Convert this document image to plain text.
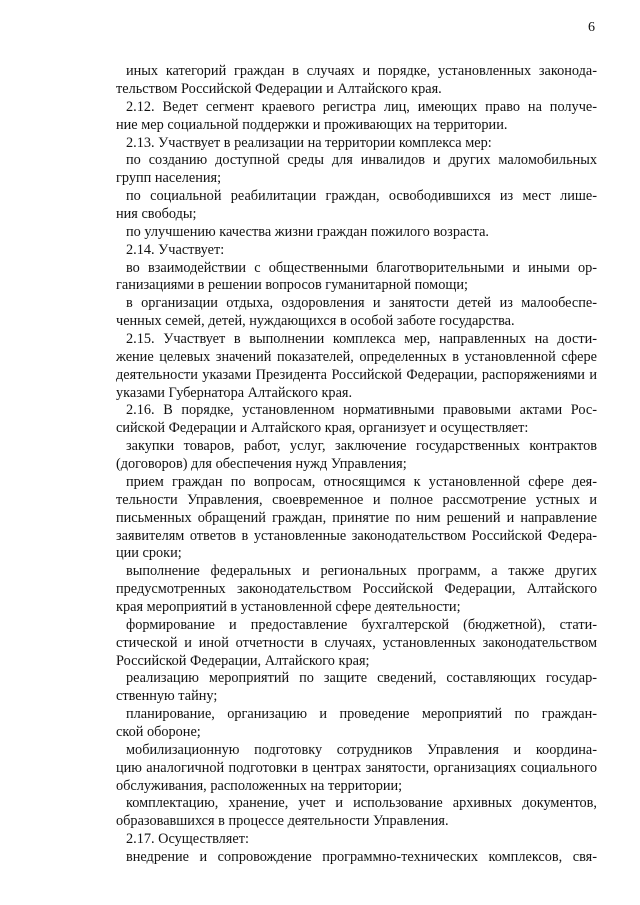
6
иных категорий граждан в случаях и порядке, установленных законода-
тельством Российской Федерации и Алтайского края.
2.12. Ведет сегмент краевого регистра лиц, имеющих право на получе-
ние мер социальной поддержки и проживающих на территории.
2.13. Участвует в реализации на территории комплекса мер:
по созданию доступной среды для инвалидов и других маломобильных
групп населения;
по социальной реабилитации граждан, освободившихся из мест лише-
ния свободы;
по улучшению качества жизни граждан пожилого возраста.
2.14. Участвует:
во взаимодействии с общественными благотворительными и иными ор-
ганизациями в решении вопросов гуманитарной помощи;
в организации отдыха, оздоровления и занятости детей из малообеспе-
ченных семей, детей, нуждающихся в особой заботе государства.
2.15. Участвует в выполнении комплекса мер, направленных на дости-
жение целевых значений показателей, определенных в установленной сфере
деятельности указами Президента Российской Федерации, распоряжениями и
указами Губернатора Алтайского края.
2.16. В порядке, установленном нормативными правовыми актами Рос-
сийской Федерации и Алтайского края, организует и осуществляет:
закупки товаров, работ, услуг, заключение государственных контрактов
(договоров) для обеспечения нужд Управления;
прием граждан по вопросам, относящимся к установленной сфере дея-
тельности Управления, своевременное и полное рассмотрение устных и
письменных обращений граждан, принятие по ним решений и направление
заявителям ответов в установленные законодательством Российской Федера-
ции сроки;
выполнение федеральных и региональных программ, а также других
предусмотренных законодательством Российской Федерации, Алтайского
края мероприятий в установленной сфере деятельности;
формирование и предоставление бухгалтерской (бюджетной), стати-
стической и иной отчетности в случаях, установленных законодательством
Российской Федерации, Алтайского края;
реализацию мероприятий по защите сведений, составляющих государ-
ственную тайну;
планирование, организацию и проведение мероприятий по граждан-
ской обороне;
мобилизационную подготовку сотрудников Управления и координа-
цию аналогичной подготовки в центрах занятости, организациях социального
обслуживания, расположенных на территории;
комплектацию, хранение, учет и использование архивных документов,
образовавшихся в процессе деятельности Управления.
2.17. Осуществляет:
внедрение и сопровождение программно-технических комплексов, свя-
